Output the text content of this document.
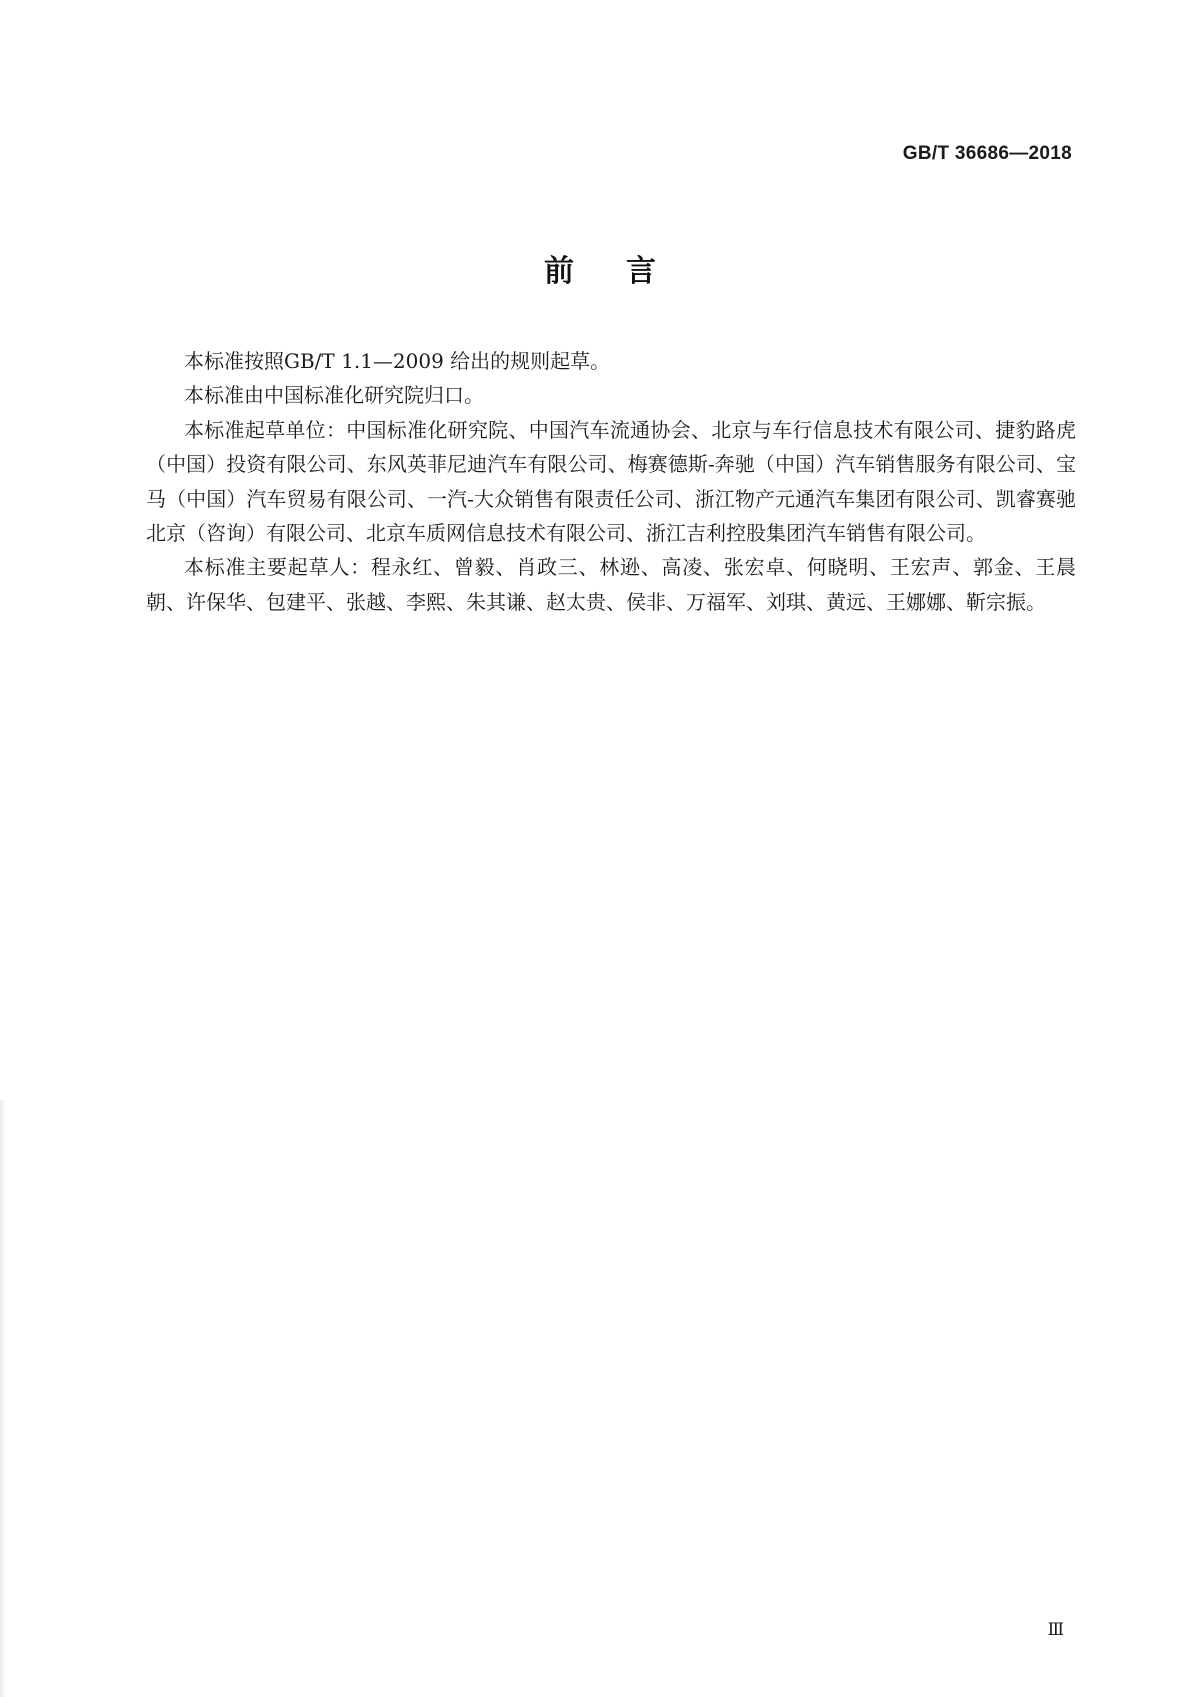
GB/T 36686—2018
前言

本标准按照GB/T 1.1—2009 给出的规则起草。

本标准由中国标准化研究院归口。

本标准起草单位：中国标准化研究院、中国汽车流通协会、北京与车行信息技术有限公司、捷豹路虎（中国）投资有限公司、东风英菲尼迪汽车有限公司、梅赛德斯-奔驰（中国）汽车销售服务有限公司、宝马（中国）汽车贸易有限公司、一汽-大众销售有限责任公司、浙江物产元通汽车集团有限公司、凯睿赛驰北京（咨询）有限公司、北京车质网信息技术有限公司、浙江吉利控股集团汽车销售有限公司。

本标准主要起草人：程永红、曾毅、肖政三、林逊、高凌、张宏卓、何晓明、王宏声、郭金、王晨朝、许保华、包建平、张越、李熙、朱其谦、赵太贵、侯非、万福军、刘琪、黄远、王娜娜、靳宗振。

Ⅲ
